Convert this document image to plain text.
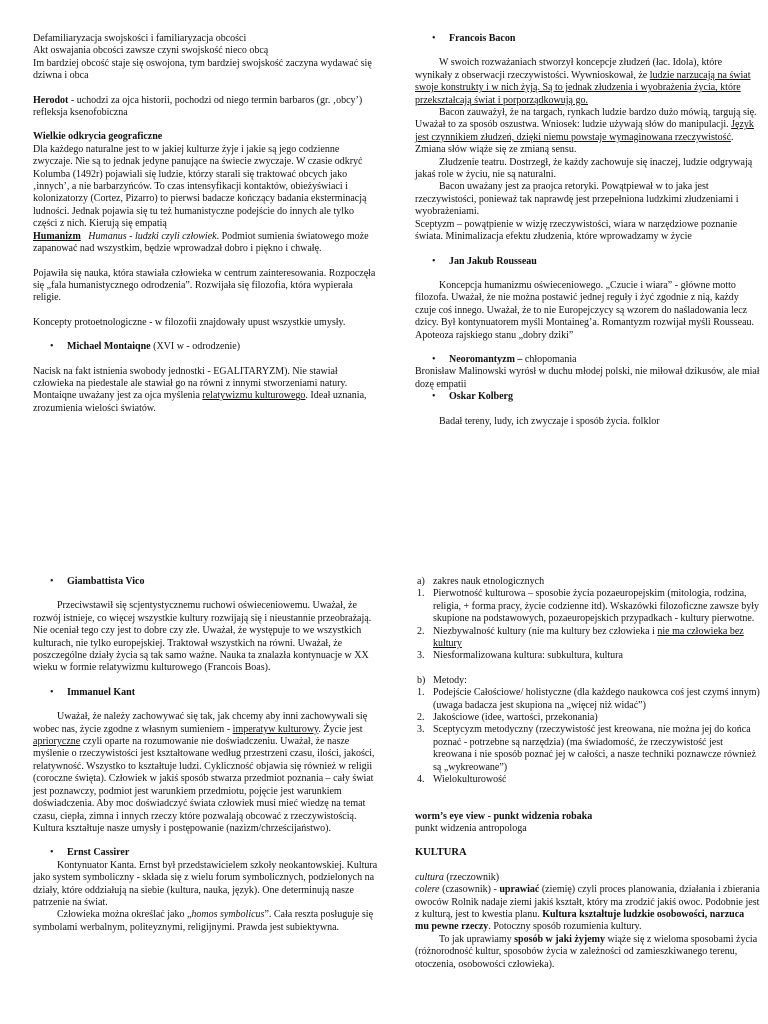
Defamiliaryzacja swojskości i familiaryzacja obcości

Akt oswajania obcości zawsze czyni swojskość nieco obcą

Im bardziej obcość staje się oswojona, tym bardziej swojskość zaczyna wydawać się dziwna i obca

Herodot - uchodzi za ojca historii, pochodzi od niego termin barbaros (gr. ‚obcy’) refleksja ksenofobiczna

Wielkie odkrycia geograficzne

Dla każdego naturalne jest to w jakiej kulturze żyje i jakie są jego codzienne zwyczaje. Nie są to jednak jedyne panujące na świecie zwyczaje. W czasie odkryć Kolumba (1492r) pojawiali się ludzie, którzy starali się traktować obcych jako ‚innych’, a nie barbarzyńców. To czas intensyfikacji kontaktów, obieżyświaci i kolonizatorzy (Cortez, Pizarro) to pierwsi badacze kończący badania eksterminacją ludności. Jednak pojawia się tu też humanistyczne podejście do innych ale tylko części z nich. Kierują się empatią

Humanizm Humanus - ludzki czyli człowiek. Podmiot sumienia światowego może zapanować nad wszystkim, będzie wprowadzał dobro i piękno i chwałę.

Pojawiła się nauka, która stawiała człowieka w centrum zainteresowania. Rozpoczęła się „fala humanistycznego odrodzenia”. Rozwijała się filozofia, która wypierała religie.

Koncepty protoetnologiczne - w filozofii znajdowały upust wszystkie umysły.

• Michael Montaiqne (XVI w - odrodzenie)

Nacisk na fakt istnienia swobody jednostki - EGALITARYZM). Nie stawiał człowieka na piedestale ale stawiał go na równi z innymi stworzeniami natury. Montaiqne uważany jest za ojca myślenia relatywizmu kulturowego. Ideał uznania, zrozumienia wielości światów.

• Francois Bacon

W swoich rozważaniach stworzył koncepcje złudzeń (łac. Idola), które wynikały z obserwacji rzeczywistości. Wywnioskował, że ludzie narzucają na świat swoje konstrukty i w nich żyją. Są to jednak złudzenia i wyobrażenia życia, które przekształcają świat i porporządkowują go.

Bacon zauważył, że na targach, rynkach ludzie bardzo dużo mówią, targują się. Uważał to za sposób oszustwa. Wniosek: ludzie używają słów do manipulacji. Język jest czynnikiem złudzeń, dzięki niemu powstaje wymaginowana rzeczywistość. Zmiana słów wiąże się ze zmianą sensu.

Złudzenie teatru. Dostrzegł, że każdy zachowuje się inaczej, ludzie odgrywają jakaś role w życiu, nie są naturalni.

Bacon uważany jest za praojca retoryki. Powątpiewał w to jaka jest rzeczywistości, ponieważ tak naprawdę jest przepełniona ludzkimi złudzeniami i wyobrażeniami.

Sceptyzm – powątpienie w wizję rzeczywistości, wiara w narzędziowe poznanie świata. Minimalizacja efektu złudzenia, które wprowadzamy w życie

• Jan Jakub Rousseau

Koncepcja humanizmu oświeceniowego. „Czucie i wiara” - główne motto filozofa. Uważał, że nie można postawić jednej reguły i żyć zgodnie z nią, każdy czuje coś innego. Uważał, że to nie Europejczycy są wzorem do naśladowania lecz dzicy. Był kontynuatorem myśli Montaineg’a. Romantyzm rozwijał myśli Rousseau. Apoteoza rajskiego stanu „dobry dziki”

• Neoromantyzm – chłopomania

Bronisław Malinowski wyrósł w duchu młodej polski, nie miłował dzikusów, ale miał dozę empatii

• Oskar Kolberg

Badał tereny, ludy, ich zwyczaje i sposób życia. folklor

• Giambattista Vico

Przeciwstawił się scjentystycznemu ruchowi oświeceniowemu. Uważał, że rozwój istnieje, co więcej wszystkie kultury rozwijają się i nieustannie przeobrażają. Nie oceniał tego czy jest to dobre czy złe. Uważał, że występuje to we wszystkich kulturach, nie tylko europejskiej. Traktował wszystkich na równi. Uważał, że poszczególne działy życia są tak samo ważne. Nauka ta znalazła kontynuacje w XX wieku w formie relatywizmu kulturowego (Francois Boas).

• Immanuel Kant

Uważał, że należy zachowywać się tak, jak chcemy aby inni zachowywali się wobec nas, życie zgodne z własnym sumieniem - imperatyw kulturowy. Życie jest aprioryczne czyli oparte na rozumowanie nie doświadczeniu. Uważał, że nasze myślenie o rzeczywistości jest kształtowane według przestrzeni czasu, ilości, jakości, relatywność. Wszystko to kształtuje ludzi. Cykliczność objawia się również w religii (coroczne święta). Człowiek w jakiś sposób stwarza przedmiot poznania – cały świat jest poznawczy, podmiot jest warunkiem przedmiotu, pojęcie jest warunkiem doświadczenia. Aby moc doświadczyć świata człowiek musi mieć wiedzę na temat czasu, ciepła, zimna i innych rzeczy które pozwalają obcować z rzeczywistością. Kultura kształtuje nasze umysły i postępowanie (nazizm/chrześcijaństwo).

• Ernst Cassirer

Kontynuator Kanta. Ernst był przedstawicielem szkoły neokantowskiej. Kultura jako system symboliczny - składa się z wielu forum symbolicznych, podzielonych na działy, które oddziałują na siebie (kultura, nauka, język). One determinują nasze patrzenie na świat.

Człowieka można określać jako „homos symbolicus”. Cała reszta posługuje się symbolami werbalnym, politeyznymi, religijnymi. Prawda jest subiektywna.

a) zakres nauk etnologicznych

1. Pierwotność kulturowa – sposobie życia pozaeuropejskim (mitologia, rodzina, religia, + forma pracy, życie codzienne itd). Wskazówki filozoficzne zawsze były skupione na podstawowych, pozaeuropejskich przypadkach - kultury pierwotne.

2. Niezbywalność kultury (nie ma kultury bez człowieka i nie ma człowieka bez kultury

3. Niesformalizowana kultura: subkultura, kultura

b) Metody:

1. Podejście Całościowe/ holistyczne (dla każdego naukowca coś jest czymś innym) (uwaga badacza jest skupiona na „więcej niż widać”)

2. Jakościowe (idee, wartości, przekonania)

3. Sceptycyzm metodyczny (rzeczywistość jest kreowana, nie można jej do końca poznać - potrzebne są narzędzia) (ma świadomość, że rzeczywistość jest kreowana i nie sposób poznać jej w całości, a nasze techniki poznawcze również są „wykreowane”)

4. Wielokulturowość

worm’s eye view - punkt widzenia robaka

punkt widzenia antropologa

KULTURA

cultura (rzeczownik)

colere (czasownik) - uprawiać (ziemię) czyli proces planowania, działania i zbierania owoców Rolnik nadaje ziemi jakiś kształt, który ma zrodzić jakiś owoc. Podobnie jest z kulturą, jest to kwestia planu. Kultura kształtuje ludzkie osobowości, narzuca mu pewne rzeczy. Potoczny sposób rozumienia kultury.

To jak uprawiamy sposób w jaki żyjemy wiąże się z wieloma sposobami życia (różnorodność kultur, sposobów życia w zależności od zamieszkiwanego terenu, otoczenia, osobowości człowieka).
